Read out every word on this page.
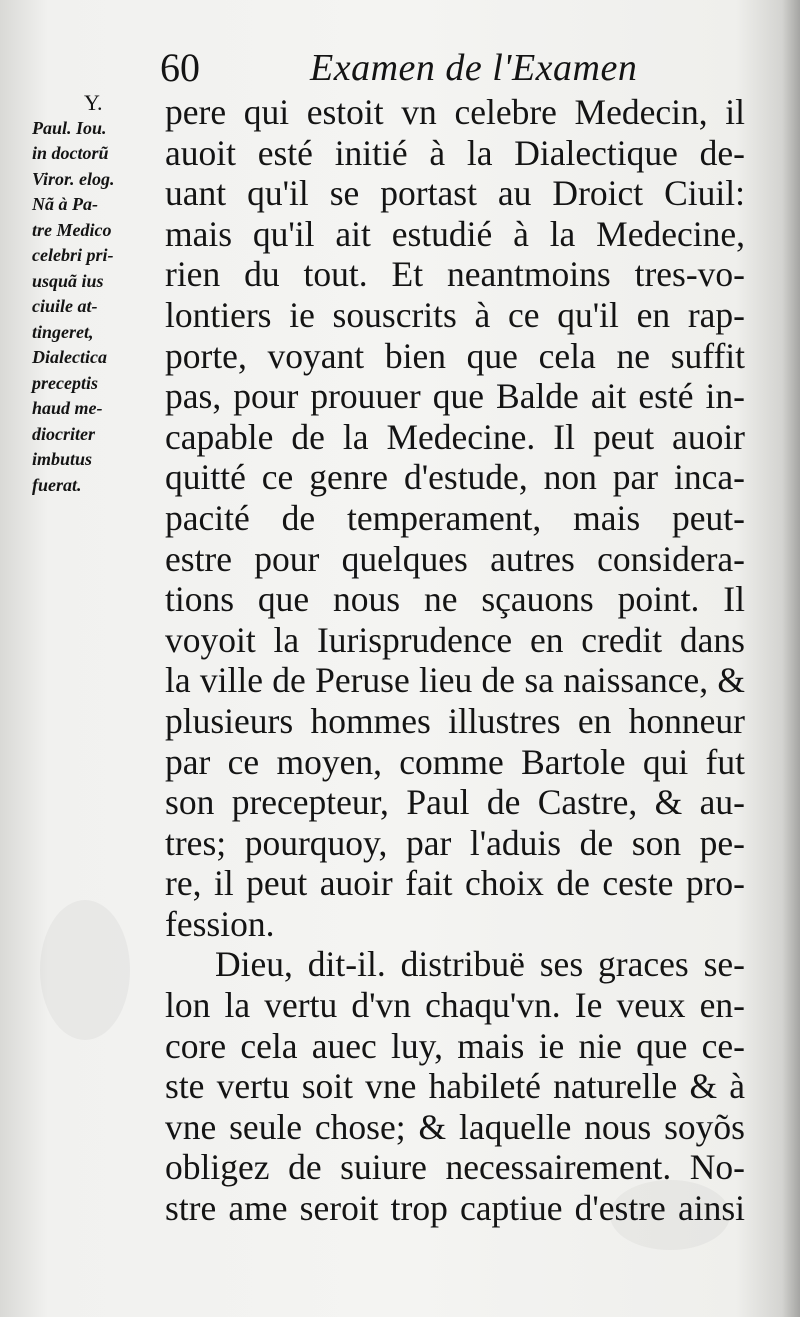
60	Examen de l'Examen
Y.
Paul. Iou.
in doctorũ
Viror. elog.
Nã à Pa-
tre Medico
celebri pri-
usquã ius
ciuile at-
tingeret,
Dialectica
preceptis
haud me-
diocriter
imbutus
fuerat.
pere qui estoit vn celebre Medecin, il
auoit esté initié à la Dialectique de-
uant qu'il se portast au Droict Ciuil:
mais qu'il ait estudié à la Medecine,
rien du tout. Et neantmoins tres-vo-
lontiers ie souscrits à ce qu'il en rap-
porte, voyant bien que cela ne suffit
pas, pour prouuer que Balde ait esté in-
capable de la Medecine. Il peut auoir
quitté ce genre d'estude, non par inca-
pacité de temperament, mais peut-
estre pour quelques autres considera-
tions que nous ne sçauons point. Il
voyoit la Iurisprudence en credit dans
la ville de Peruse lieu de sa naissance, &
plusieurs hommes illustres en honneur
par ce moyen, comme Bartole qui fut
son precepteur, Paul de Castre, & au-
tres; pourquoy, par l'aduis de son pe-
re, il peut auoir fait choix de ceste pro-
fession.
Dieu, dit-il. distribuë ses graces se-
lon la vertu d'vn chaqu'vn. Ie veux en-
core cela auec luy, mais ie nie que ce-
ste vertu soit vne habileté naturelle & à
vne seule chose; & laquelle nous soyõs
obligez de suiure necessairement. No-
stre ame seroit trop captiue d'estre ainsi
